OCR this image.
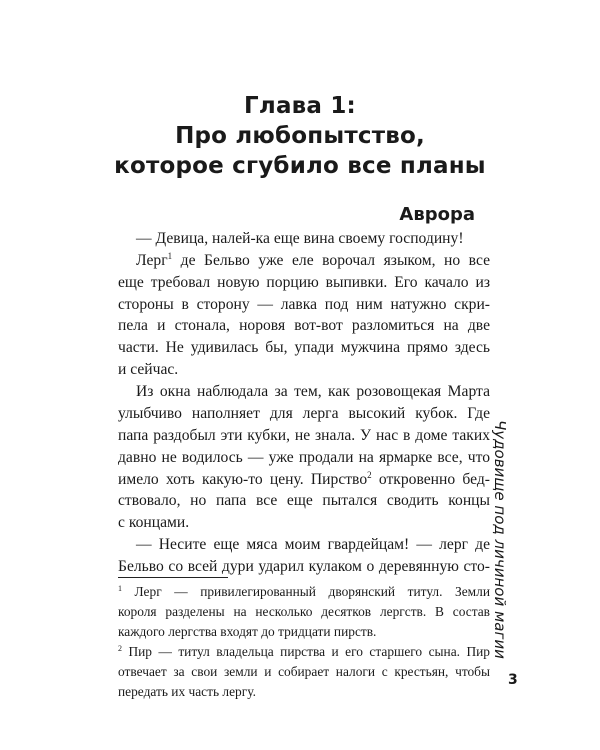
Глава 1:
Про любопытство,
которое сгубило все планы
Аврора
— Девица, налей-ка еще вина своему господину!
Лерг$^1$ де Бельво уже еле ворочал языком, но все
еще требовал новую порцию выпивки. Его качало из
стороны в сторону — лавка под ним натужно скри-
пела и стонала, норовя вот-вот разломиться на две
части. Не удивилась бы, упади мужчина прямо здесь
и сейчас.
Из окна наблюдала за тем, как розовощекая Марта
улыбчиво наполняет для лерга высокий кубок. Где
папа раздобыл эти кубки, не знала. У нас в доме таких
давно не водилось — уже продали на ярмарке все, что
имело хоть какую-то цену. Пирство$^2$ откровенно бед-
ствовало, но папа все еще пытался сводить концы
с концами.
$^1$ Лерг — привилегированный дворянский титул. Земли
короля разделены на несколько десятков лергств. В состав
каждого лергства входят до тридцати пирств.
$^2$ Пир — титул владельца пирства и его старшего сына. Пир
отвечает за свои земли и собирает налоги с крестьян, чтобы
передать их часть лергу.
Чудовище под личиной магии
3
— Несите еще мяса моим гвардейцам! — лерг де
Бельво со всей дури ударил кулаком о деревянную сто-
